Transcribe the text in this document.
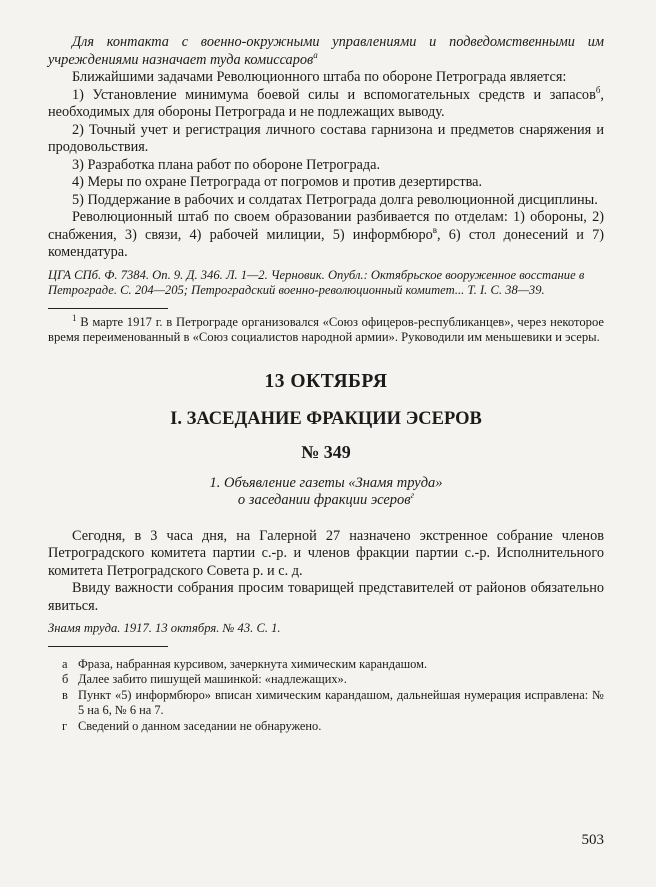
Для контакта с военно-окружными управлениями и подведомственными им учреждениями назначает туда комиссаров$^а$

Ближайшими задачами Революционного штаба по обороне Петрограда является:

1) Установление минимума боевой силы и вспомогательных средств и запасов$^б$, необходимых для обороны Петрограда и не подлежащих выводу.

2) Точный учет и регистрация личного состава гарнизона и предметов снаряжения и продовольствия.

3) Разработка плана работ по обороне Петрограда.

4) Меры по охране Петрограда от погромов и против дезертирства.

5) Поддержание в рабочих и солдатах Петрограда долга революционной дисциплины.

Революционный штаб по своем образовании разбивается по отделам: 1) обороны, 2) снабжения, 3) связи, 4) рабочей милиции, 5) информбюро$^в$, 6) стол донесений и 7) комендатура.

ЦГА СПб. Ф. 7384. Оп. 9. Д. 346. Л. 1—2. Черновик. Опубл.: Октябрьское вооруженное восстание в Петрограде. С. 204—205; Петроградский военно-революционный комитет... Т. I. С. 38—39.

$^1$ В марте 1917 г. в Петрограде организовался «Союз офицеров-республиканцев», через некоторое время переименованный в «Союз социалистов народной армии». Руководили им меньшевики и эсеры.

13 ОКТЯБРЯ
I. ЗАСЕДАНИЕ ФРАКЦИИ ЭСЕРОВ
№ 349
1. Объявление газеты «Знамя труда»
о заседании фракции эсеров$^г$

Сегодня, в 3 часа дня, на Галерной 27 назначено экстренное собрание членов Петроградского комитета партии с.-р. и членов фракции партии с.-р. Исполнительного комитета Петроградского Совета р. и с. д.

Ввиду важности собрания просим товарищей представителей от районов обязательно явиться.

Знамя труда. 1917. 13 октября. № 43. С. 1.

а Фраза, набранная курсивом, зачеркнута химическим карандашом.
б Далее забито пишущей машинкой: «надлежащих».
в Пункт «5) информбюро» вписан химическим карандашом, дальнейшая нумерация исправлена: № 5 на 6, № 6 на 7.
г Сведений о данном заседании не обнаружено.
503
